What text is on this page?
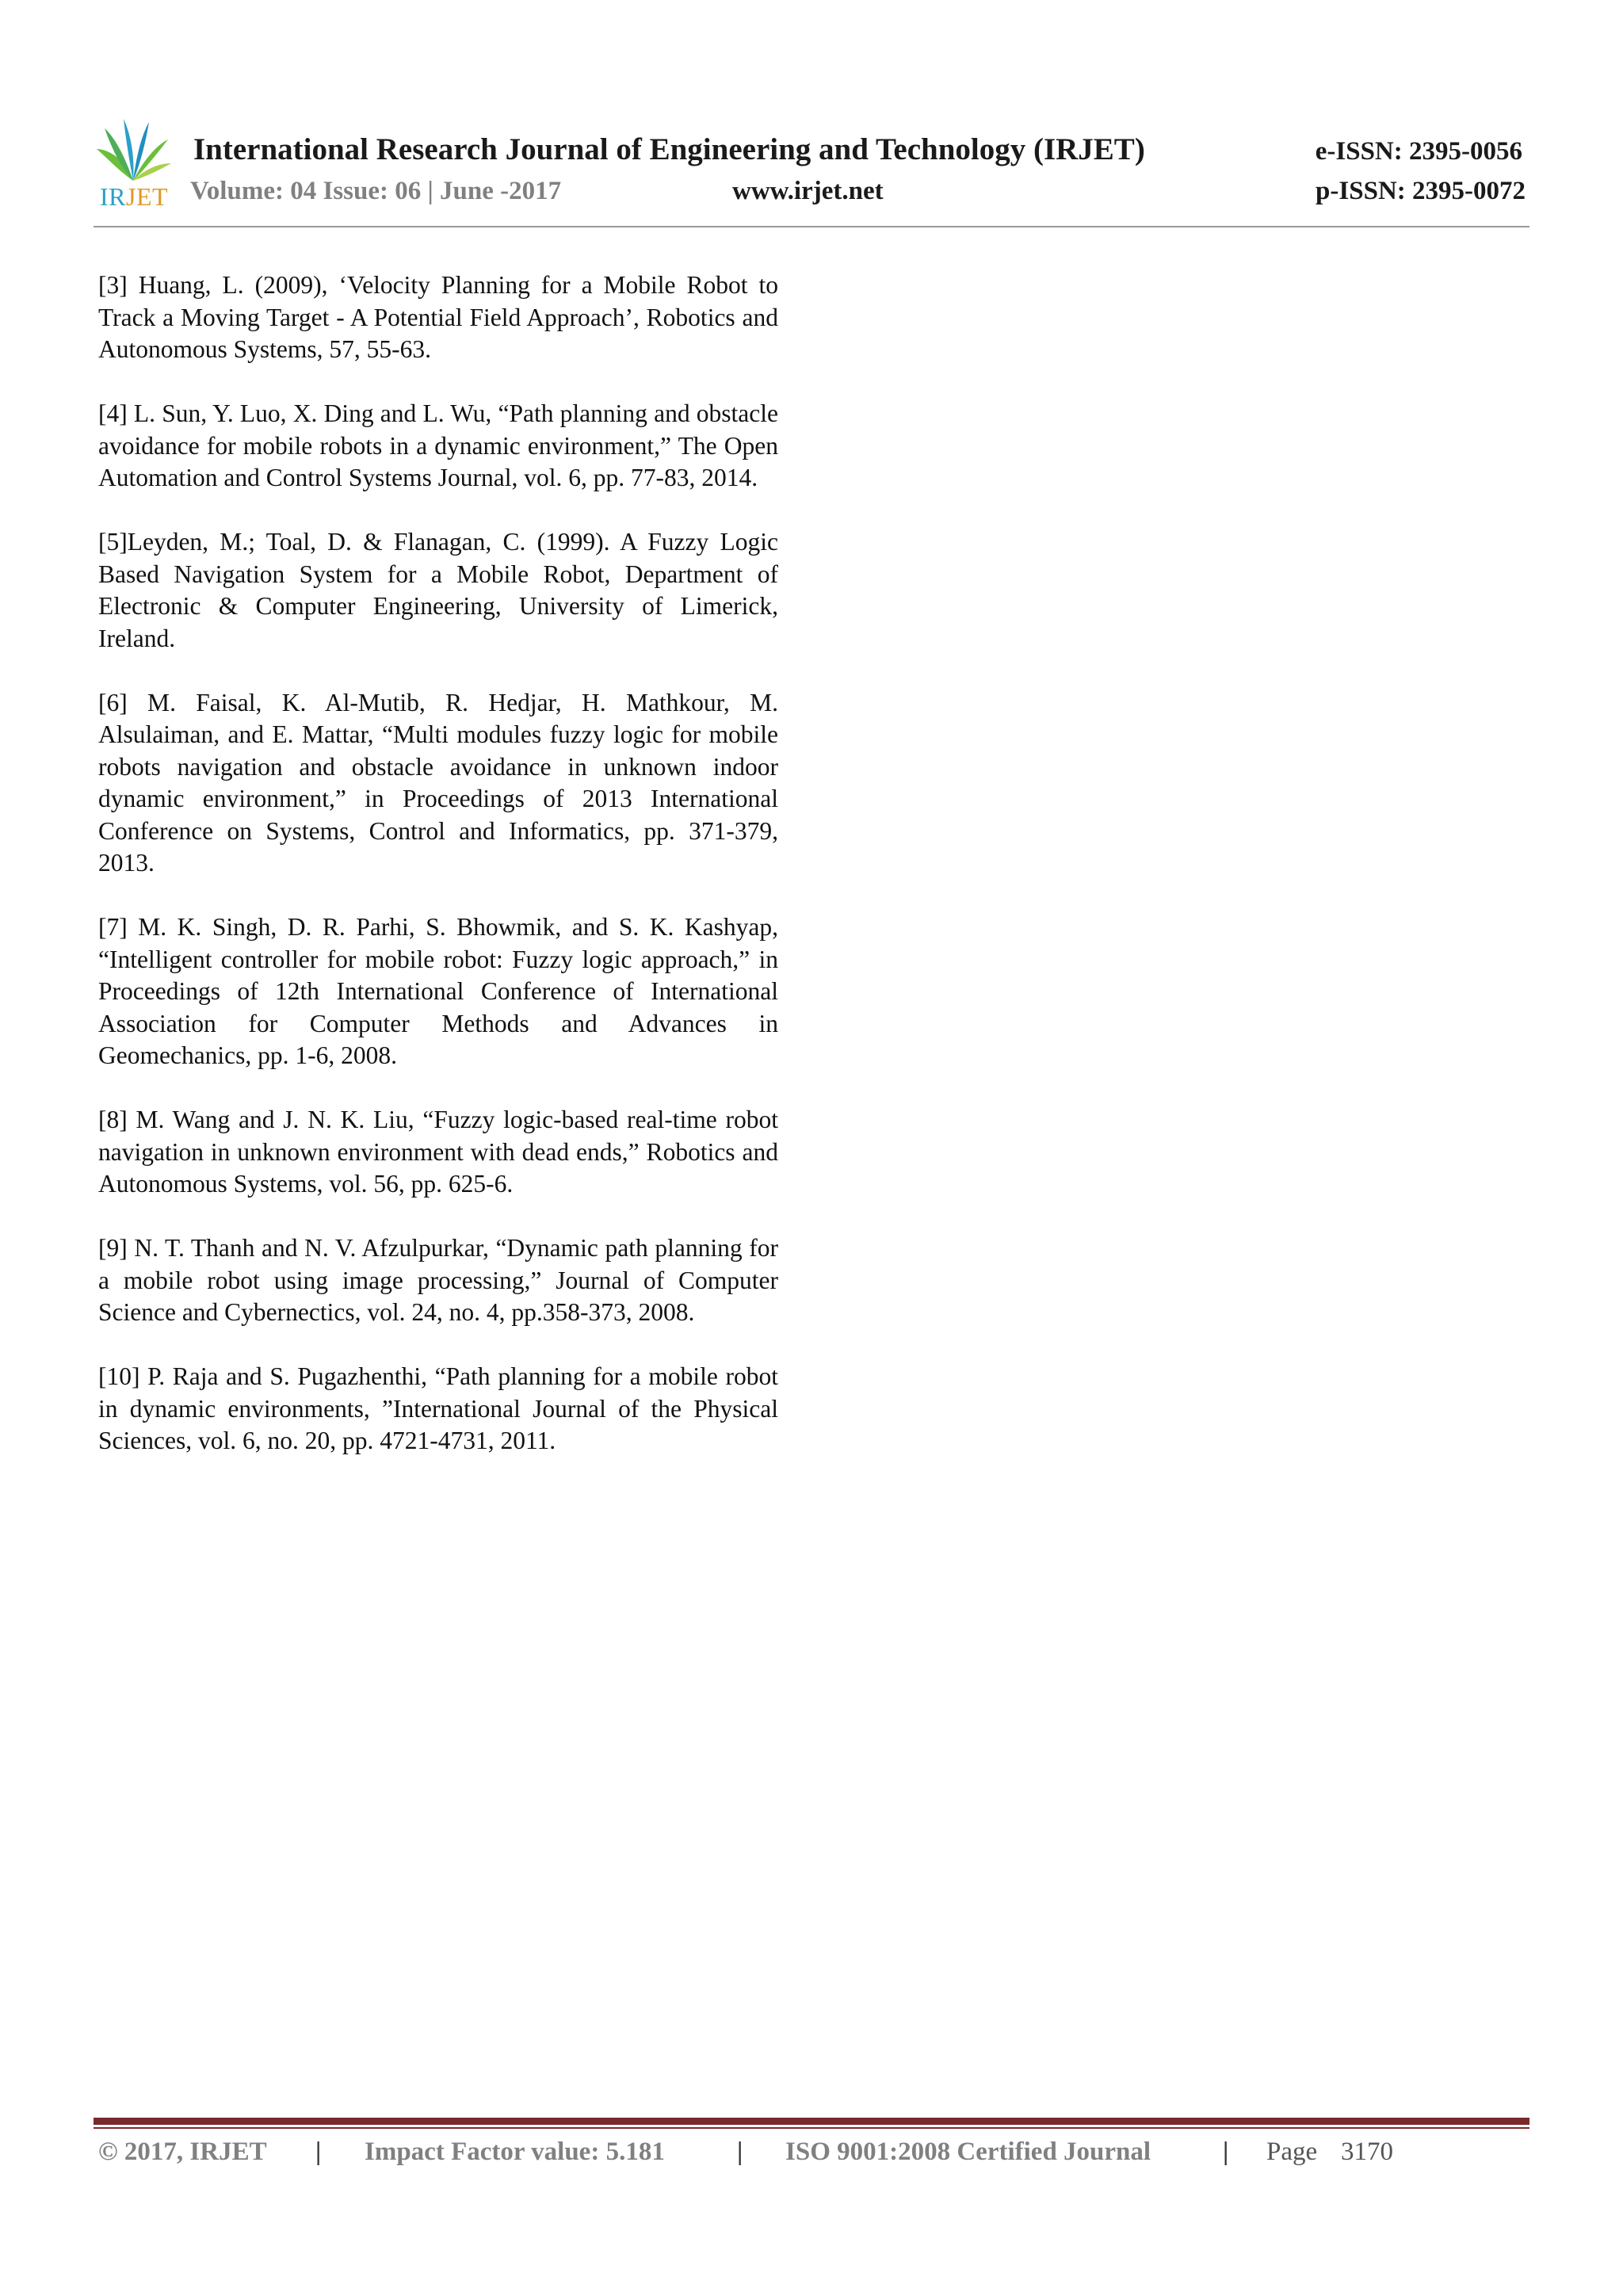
IRJET
International Research Journal of Engineering and Technology (IRJET)	e-ISSN: 2395-0056
Volume: 04 Issue: 06 | June -2017	www.irjet.net	p-ISSN: 2395-0072

[3] Huang, L. (2009), ‘Velocity Planning for a Mobile Robot to Track a Moving Target - A Potential Field Approach’, Robotics and Autonomous Systems, 57, 55-63.

[4] L. Sun, Y. Luo, X. Ding and L. Wu, “Path planning and obstacle avoidance for mobile robots in a dynamic environment,” The Open Automation and Control Systems Journal, vol. 6, pp. 77-83, 2014.

[5]Leyden, M.; Toal, D. & Flanagan, C. (1999). A Fuzzy Logic Based Navigation System for a Mobile Robot, Department of Electronic & Computer Engineering, University of Limerick, Ireland.

[6] M. Faisal, K. Al-Mutib, R. Hedjar, H. Mathkour, M. Alsulaiman, and E. Mattar, “Multi modules fuzzy logic for mobile robots navigation and obstacle avoidance in unknown indoor dynamic environment,” in Proceedings of 2013 International Conference on Systems, Control and Informatics, pp. 371-379, 2013.

[7] M. K. Singh, D. R. Parhi, S. Bhowmik, and S. K. Kashyap, “Intelligent controller for mobile robot: Fuzzy logic approach,” in Proceedings of 12th International Conference of International Association for Computer Methods and Advances in Geomechanics, pp. 1-6, 2008.

[8] M. Wang and J. N. K. Liu, “Fuzzy logic-based real-time robot navigation in unknown environment with dead ends,” Robotics and Autonomous Systems, vol. 56, pp. 625-6.

[9] N. T. Thanh and N. V. Afzulpurkar, “Dynamic path planning for a mobile robot using image processing,” Journal of Computer Science and Cybernectics, vol. 24, no. 4, pp.358-373, 2008.

[10] P. Raja and S. Pugazhenthi, “Path planning for a mobile robot in dynamic environments, ”International Journal of the Physical Sciences, vol. 6, no. 20, pp. 4721-4731, 2011.

© 2017, IRJET | Impact Factor value: 5.181	| ISO 9001:2008 Certified Journal	| Page 3170
